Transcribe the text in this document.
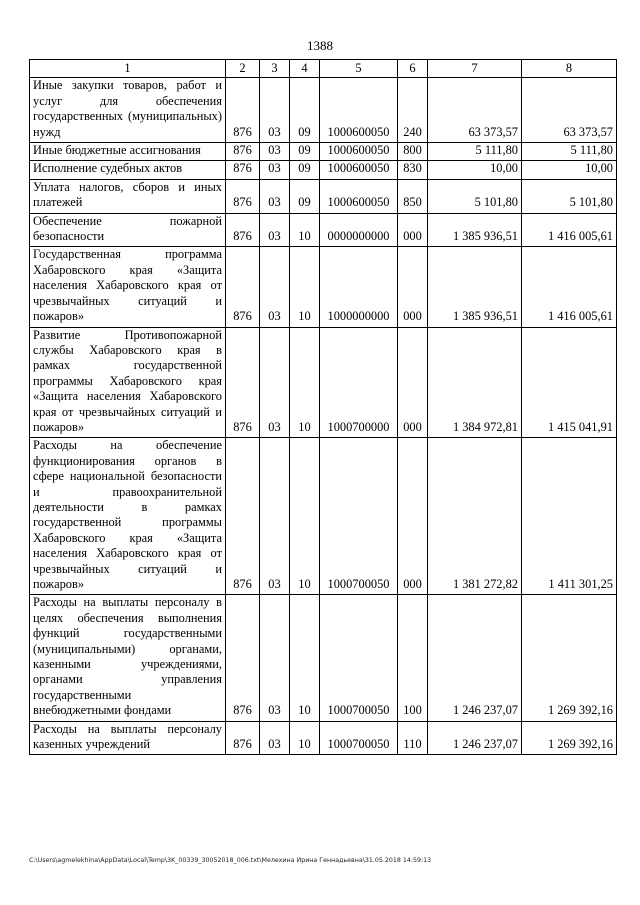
1388
1	2	3	4	5	6	7	8
Иные закупки товаров, работ и услуг для обеспечения государственных (муниципальных) нужд	876	03	09	1000600050	240	63 373,57	63 373,57
Иные бюджетные ассигнования	876	03	09	1000600050	800	5 111,80	5 111,80
Исполнение судебных актов	876	03	09	1000600050	830	10,00	10,00
Уплата налогов, сборов и иных платежей	876	03	09	1000600050	850	5 101,80	5 101,80
Обеспечение пожарной безопасности	876	03	10	0000000000	000	1 385 936,51	1 416 005,61
Государственная программа Хабаровского края «Защита населения Хабаровского края от чрезвычайных ситуаций и пожаров»	876	03	10	1000000000	000	1 385 936,51	1 416 005,61
Развитие Противопожарной службы Хабаровского края в рамках государственной программы Хабаровского края «Защита населения Хабаровского края от чрезвычайных ситуаций и пожаров»	876	03	10	1000700000	000	1 384 972,81	1 415 041,91
Расходы на обеспечение функционирования органов в сфере национальной безопасности и правоохранительной деятельности в рамках государственной программы Хабаровского края «Защита населения Хабаровского края от чрезвычайных ситуаций и пожаров»	876	03	10	1000700050	000	1 381 272,82	1 411 301,25
Расходы на выплаты персоналу в целях обеспечения выполнения функций государственными (муниципальными) органами, казенными учреждениями, органами управления государственными внебюджетными фондами	876	03	10	1000700050	100	1 246 237,07	1 269 392,16
Расходы на выплаты персоналу казенных учреждений	876	03	10	1000700050	110	1 246 237,07	1 269 392,16
C:\Users\agmelekhina\AppData\Local\Temp\3K_00339_30052018_006.txt\Мелехина Ирина Геннадьевна\31.05.2018 14:59:13
